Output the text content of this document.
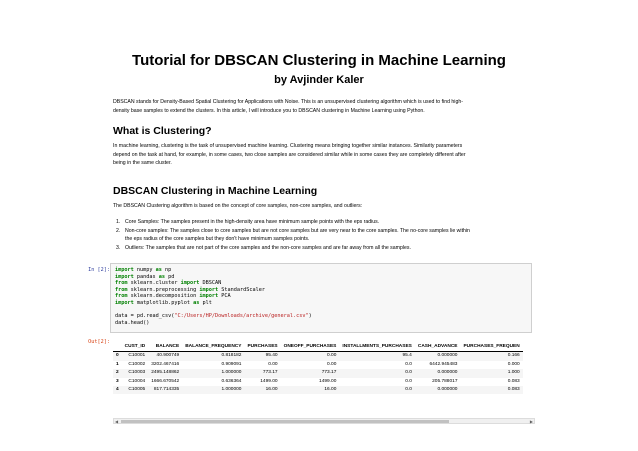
Tutorial for DBSCAN Clustering in Machine Learning
by Avjinder Kaler
DBSCAN stands for Density-Based Spatial Clustering for Applications with Noise. This is an unsupervised clustering algorithm which is used to find high-
density base samples to extend the clusters. In this article, I will introduce you to DBSCAN clustering in Machine Learning using Python.
What is Clustering?
In machine learning, clustering is the task of unsupervised machine learning. Clustering means bringing together similar instances. Similarity parameters
depend on the task at hand, for example, in some cases, two close samples are considered similar while in some cases they are completely different after
being in the same cluster.
DBSCAN Clustering in Machine Learning
The DBSCAN Clustering algorithm is based on the concept of core samples, non-core samples, and outliers:
1. Core Samples: The samples present in the high-density area have minimum sample points with the eps radius.
2. Non-core samples: The samples close to core samples but are not core samples but are very near to the core samples. The no-core samples lie within
the eps radius of the core samples but they don't have minimum samples points.
3. Outliers: The samples that are not part of the core samples and the non-core samples and are far away from all the samples.
In [2]: import numpy as np
import pandas as pd
from sklearn.cluster import DBSCAN
from sklearn.preprocessing import StandardScaler
from sklearn.decomposition import PCA
import matplotlib.pyplot as plt
data = pd.read_csv("C:/Users/HP/Downloads/archive/general.csv")
data.head()
Out[2]:
	CUST_ID	BALANCE	BALANCE_FREQUENCY	PURCHASES	ONEOFF_PURCHASES	INSTALLMENTS_PURCHASES	CASH_ADVANCE	PURCHASES_FREQUEN
0	C10001	40.900749	0.818182	95.40	0.00	95.4	0.000000	0.166
1	C10002	3202.467416	0.909091	0.00	0.00	0.0	6442.945483	0.000
2	C10003	2495.148862	1.000000	773.17	773.17	0.0	0.000000	1.000
3	C10004	1666.670542	0.636364	1499.00	1499.00	0.0	205.788017	0.083
4	C10005	817.714335	1.000000	16.00	16.00	0.0	0.000000	0.083
◀	▶
